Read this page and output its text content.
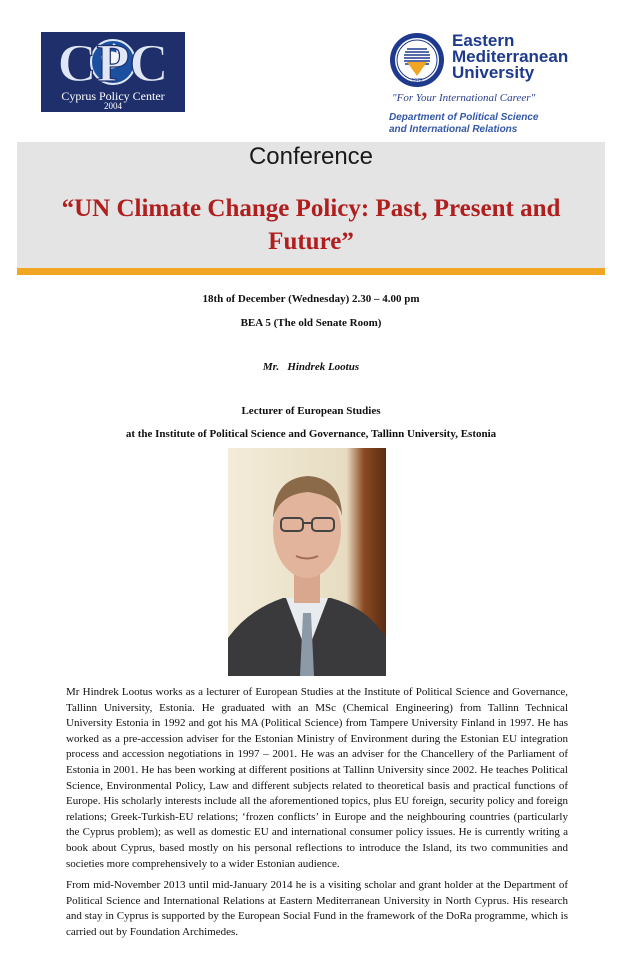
CPC
Cyprus Policy Center
2004
1979
Eastern Mediterranean University
"For Your International Career"
Department of Political Science
and International Relations
Conference
“UN Climate Change Policy: Past, Present and Future”
18th of December (Wednesday) 2.30 – 4.00 pm
BEA 5 (The old Senate Room)
Mr.   Hindrek Lootus
Lecturer of European Studies
at the Institute of Political Science and Governance, Tallinn University, Estonia

Mr Hindrek Lootus works as a lecturer of European Studies at the Institute of Political Science and Governance, Tallinn University, Estonia. He graduated with an MSc (Chemical Engineering) from Tallinn Technical University Estonia in 1992 and got his MA (Political Science) from Tampere University Finland in 1997. He has worked as a pre-accession adviser for the Estonian Ministry of Environment during the Estonian EU integration process and accession negotiations in 1997 – 2001. He was an adviser for the Chancellery of the Parliament of Estonia in 2001. He has been working at different positions at Tallinn University since 2002. He teaches Political Science, Environmental Policy, Law and different subjects related to theoretical basis and practical functions of Europe. His scholarly interests include all the aforementioned topics, plus EU foreign, security policy and foreign relations; Greek-Turkish-EU relations; ‘frozen conflicts’ in Europe and the neighbouring countries (particularly the Cyprus problem); as well as domestic EU and international consumer policy issues. He is currently writing a book about Cyprus, based mostly on his personal reflections to introduce the Island, its two communities and societies more comprehensively to a wider Estonian audience.

From mid-November 2013 until mid-January 2014 he is a visiting scholar and grant holder at the Department of Political Science and International Relations at Eastern Mediterranean University in North Cyprus. His research and stay in Cyprus is supported by the European Social Fund in the framework of the DoRa programme, which is carried out by Foundation Archimedes.
